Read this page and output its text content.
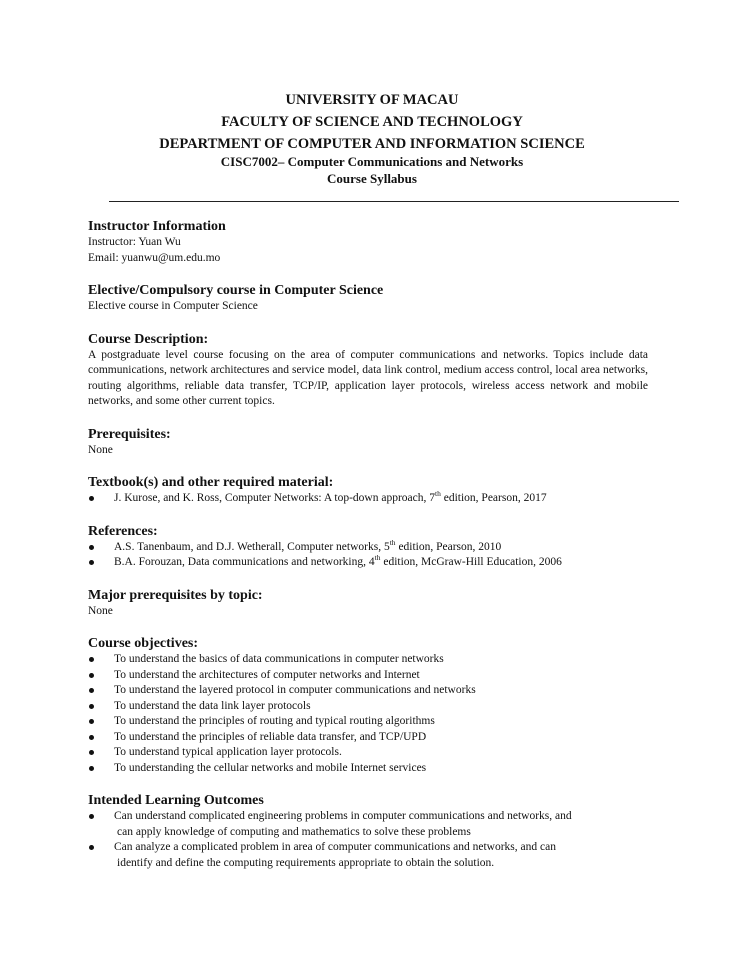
UNIVERSITY OF MACAU
FACULTY OF SCIENCE AND TECHNOLOGY
DEPARTMENT OF COMPUTER AND INFORMATION SCIENCE
CISC7002– Computer Communications and Networks
Course Syllabus
Instructor Information
Instructor: Yuan Wu
Email: yuanwu@um.edu.mo
Elective/Compulsory course in Computer Science
Elective course in Computer Science
Course Description:
A postgraduate level course focusing on the area of computer communications and networks. Topics include data communications, network architectures and service model, data link control, medium access control, local area networks, routing algorithms, reliable data transfer, TCP/IP, application layer protocols, wireless access network and mobile networks, and some other current topics.
Prerequisites:
None
Textbook(s) and other required material:
J. Kurose, and K. Ross, Computer Networks: A top-down approach, 7th edition, Pearson, 2017
References:
A.S. Tanenbaum, and D.J. Wetherall, Computer networks, 5th edition, Pearson, 2010
B.A. Forouzan, Data communications and networking, 4th edition, McGraw-Hill Education, 2006
Major prerequisites by topic:
None
Course objectives:
To understand the basics of data communications in computer networks
To understand the architectures of computer networks and Internet
To understand the layered protocol in computer communications and networks
To understand the data link layer protocols
To understand the principles of routing and typical routing algorithms
To understand the principles of reliable data transfer, and TCP/UPD
To understand typical application layer protocols.
To understanding the cellular networks and mobile Internet services
Intended Learning Outcomes
Can understand complicated engineering problems in computer communications and networks, and
can apply knowledge of computing and mathematics to solve these problems
Can analyze a complicated problem in area of computer communications and networks, and can
identify and define the computing requirements appropriate to obtain the solution.
